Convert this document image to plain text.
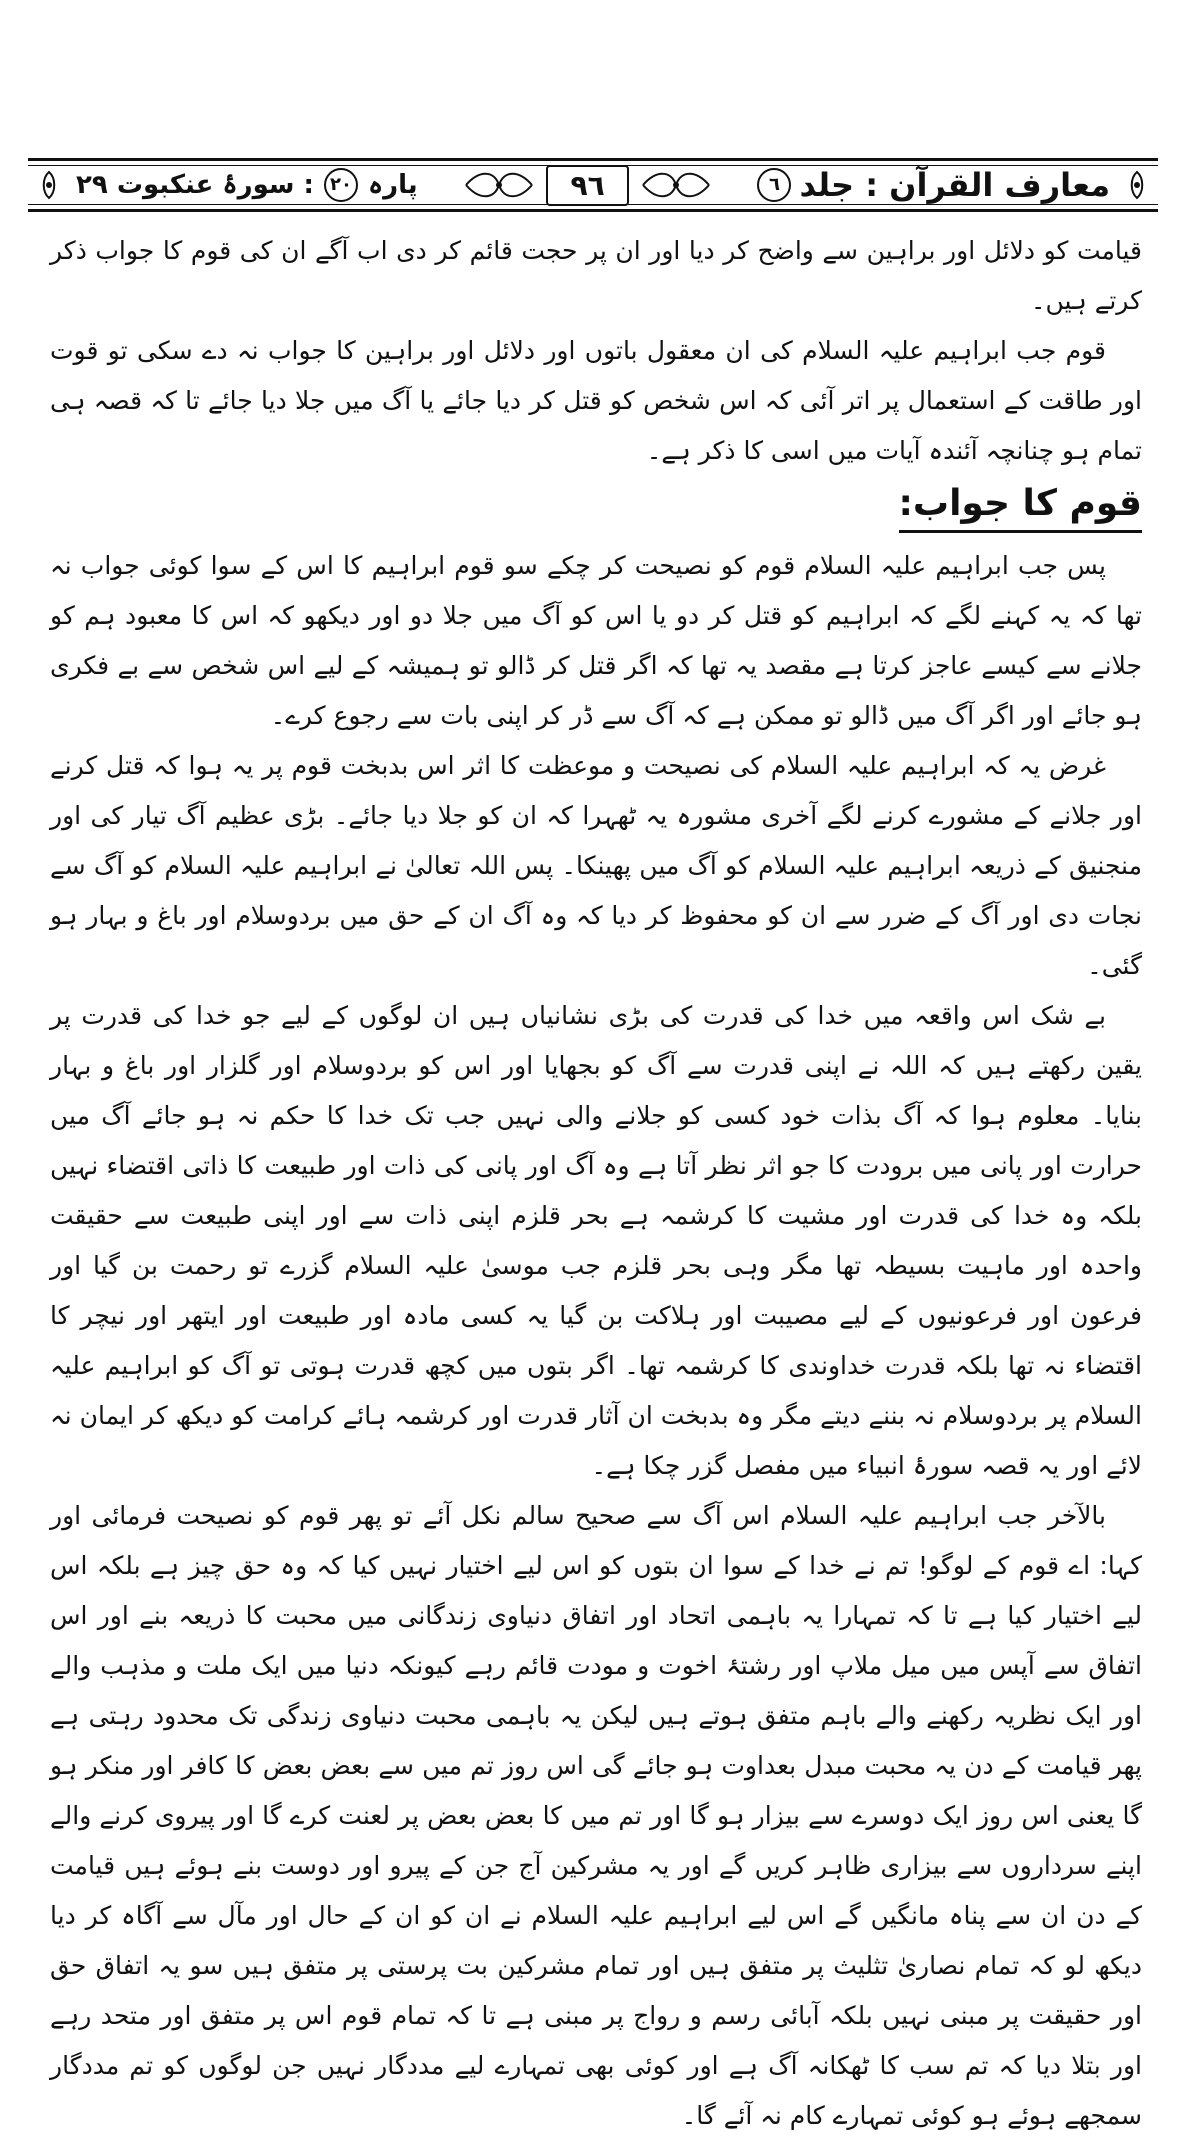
معارف القرآن : جلد
٦
٩٦
پارہ
٢٠
: سورۂ عنکبوت ٢٩

قیامت کو دلائل اور براہین سے واضح کر دیا اور ان پر حجت قائم کر دی اب آگے ان کی قوم کا جواب ذکر کرتے ہیں۔

قوم جب ابراہیم علیہ السلام کی ان معقول باتوں اور دلائل اور براہین کا جواب نہ دے سکی تو قوت اور طاقت کے استعمال پر اتر آئی کہ اس شخص کو قتل کر دیا جائے یا آگ میں جلا دیا جائے تا کہ قصہ ہی تمام ہو چنانچہ آئندہ آیات میں اسی کا ذکر ہے۔

قوم کا جواب:

پس جب ابراہیم علیہ السلام قوم کو نصیحت کر چکے سو قوم ابراہیم کا اس کے سوا کوئی جواب نہ تھا کہ یہ کہنے لگے کہ ابراہیم کو قتل کر دو یا اس کو آگ میں جلا دو اور دیکھو کہ اس کا معبود ہم کو جلانے سے کیسے عاجز کرتا ہے مقصد یہ تھا کہ اگر قتل کر ڈالو تو ہمیشہ کے لیے اس شخص سے بے فکری ہو جائے اور اگر آگ میں ڈالو تو ممکن ہے کہ آگ سے ڈر کر اپنی بات سے رجوع کرے۔

غرض یہ کہ ابراہیم علیہ السلام کی نصیحت و موعظت کا اثر اس بدبخت قوم پر یہ ہوا کہ قتل کرنے اور جلانے کے مشورے کرنے لگے آخری مشورہ یہ ٹھہرا کہ ان کو جلا دیا جائے۔ بڑی عظیم آگ تیار کی اور منجنیق کے ذریعہ ابراہیم علیہ السلام کو آگ میں پھینکا۔ پس اللہ تعالیٰ نے ابراہیم علیہ السلام کو آگ سے نجات دی اور آگ کے ضرر سے ان کو محفوظ کر دیا کہ وہ آگ ان کے حق میں بردوسلام اور باغ و بہار ہو گئی۔

بے شک اس واقعہ میں خدا کی قدرت کی بڑی نشانیاں ہیں ان لوگوں کے لیے جو خدا کی قدرت پر یقین رکھتے ہیں کہ اللہ نے اپنی قدرت سے آگ کو بجھایا اور اس کو بردوسلام اور گلزار اور باغ و بہار بنایا۔ معلوم ہوا کہ آگ بذات خود کسی کو جلانے والی نہیں جب تک خدا کا حکم نہ ہو جائے آگ میں حرارت اور پانی میں برودت کا جو اثر نظر آتا ہے وہ آگ اور پانی کی ذات اور طبیعت کا ذاتی اقتضاء نہیں بلکہ وہ خدا کی قدرت اور مشیت کا کرشمہ ہے بحر قلزم اپنی ذات سے اور اپنی طبیعت سے حقیقت واحدہ اور ماہیت بسیطہ تھا مگر وہی بحر قلزم جب موسیٰ علیہ السلام گزرے تو رحمت بن گیا اور فرعون اور فرعونیوں کے لیے مصیبت اور ہلاکت بن گیا یہ کسی مادہ اور طبیعت اور ایتھر اور نیچر کا اقتضاء نہ تھا بلکہ قدرت خداوندی کا کرشمہ تھا۔ اگر بتوں میں کچھ قدرت ہوتی تو آگ کو ابراہیم علیہ السلام پر بردوسلام نہ بننے دیتے مگر وہ بدبخت ان آثار قدرت اور کرشمہ ہائے کرامت کو دیکھ کر ایمان نہ لائے اور یہ قصہ سورۂ انبیاء میں مفصل گزر چکا ہے۔

بالآخر جب ابراہیم علیہ السلام اس آگ سے صحیح سالم نکل آئے تو پھر قوم کو نصیحت فرمائی اور کہا: اے قوم کے لوگو! تم نے خدا کے سوا ان بتوں کو اس لیے اختیار نہیں کیا کہ وہ حق چیز ہے بلکہ اس لیے اختیار کیا ہے تا کہ تمہارا یہ باہمی اتحاد اور اتفاق دنیاوی زندگانی میں محبت کا ذریعہ بنے اور اس اتفاق سے آپس میں میل ملاپ اور رشتۂ اخوت و مودت قائم رہے کیونکہ دنیا میں ایک ملت و مذہب والے اور ایک نظریہ رکھنے والے باہم متفق ہوتے ہیں لیکن یہ باہمی محبت دنیاوی زندگی تک محدود رہتی ہے پھر قیامت کے دن یہ محبت مبدل بعداوت ہو جائے گی اس روز تم میں سے بعض بعض کا کافر اور منکر ہو گا یعنی اس روز ایک دوسرے سے بیزار ہو گا اور تم میں کا بعض بعض پر لعنت کرے گا اور پیروی کرنے والے اپنے سرداروں سے بیزاری ظاہر کریں گے اور یہ مشرکین آج جن کے پیرو اور دوست بنے ہوئے ہیں قیامت کے دن ان سے پناہ مانگیں گے اس لیے ابراہیم علیہ السلام نے ان کو ان کے حال اور مآل سے آگاہ کر دیا دیکھ لو کہ تمام نصاریٰ تثلیث پر متفق ہیں اور تمام مشرکین بت پرستی پر متفق ہیں سو یہ اتفاق حق اور حقیقت پر مبنی نہیں بلکہ آبائی رسم و رواج پر مبنی ہے تا کہ تمام قوم اس پر متفق اور متحد رہے اور بتلا دیا کہ تم سب کا ٹھکانہ آگ ہے اور کوئی بھی تمہارے لیے مددگار نہیں جن لوگوں کو تم مددگار سمجھے ہوئے ہو کوئی تمہارے کام نہ آئے گا۔
